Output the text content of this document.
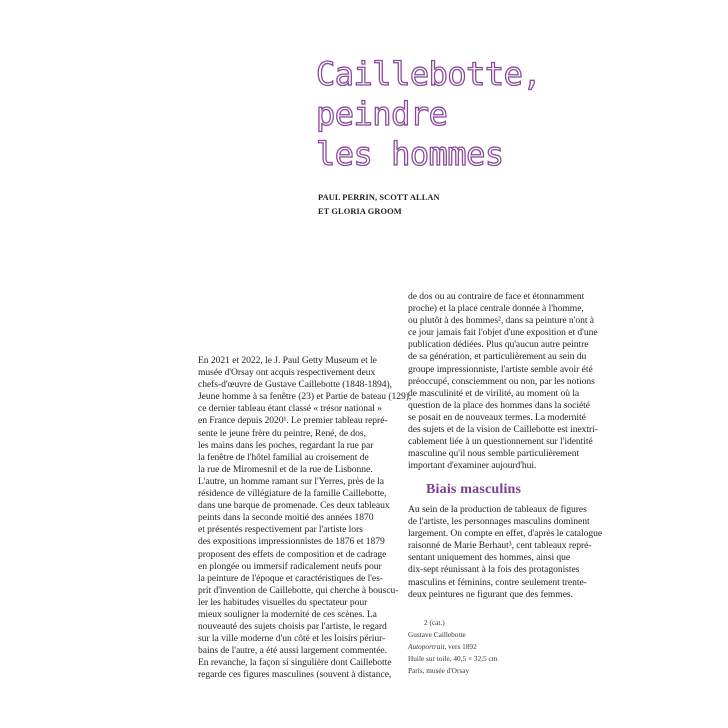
Caillebotte,
peindre
les hommes
PAUL PERRIN, SCOTT ALLAN
ET GLORIA GROOM
En 2021 et 2022, le J. Paul Getty Museum et le
musée d'Orsay ont acquis respectivement deux
chefs-d'œuvre de Gustave Caillebotte (1848-1894),
Jeune homme à sa fenêtre (23) et Partie de bateau (129),
ce dernier tableau étant classé « trésor national »
en France depuis 2020¹. Le premier tableau repré-
sente le jeune frère du peintre, René, de dos,
les mains dans les poches, regardant la rue par
la fenêtre de l'hôtel familial au croisement de
la rue de Miromesnil et de la rue de Lisbonne.
L'autre, un homme ramant sur l'Yerres, près de la
résidence de villégiature de la famille Caillebotte,
dans une barque de promenade. Ces deux tableaux
peints dans la seconde moitié des années 1870
et présentés respectivement par l'artiste lors
des expositions impressionnistes de 1876 et 1879
proposent des effets de composition et de cadrage
en plongée ou immersif radicalement neufs pour
la peinture de l'époque et caractéristiques de l'es-
prit d'invention de Caillebotte, qui cherche à bouscu-
ler les habitudes visuelles du spectateur pour
mieux souligner la modernité de ces scènes. La
nouveauté des sujets choisis par l'artiste, le regard
sur la ville moderne d'un côté et les loisirs périur-
bains de l'autre, a été aussi largement commentée.
En revanche, la façon si singulière dont Caillebotte
regarde ces figures masculines (souvent à distance,
de dos ou au contraire de face et étonnamment
proche) et la place centrale donnée à l'homme,
ou plutôt à des hommes², dans sa peinture n'ont à
ce jour jamais fait l'objet d'une exposition et d'une
publication dédiées. Plus qu'aucun autre peintre
de sa génération, et particulièrement au sein du
groupe impressionniste, l'artiste semble avoir été
préoccupé, consciemment ou non, par les notions
de masculinité et de virilité, au moment où la
question de la place des hommes dans la société
se posait en de nouveaux termes. La modernité
des sujets et de la vision de Caillebotte est inextri-
cablement liée à un questionnement sur l'identité
masculine qu'il nous semble particulièrement
important d'examiner aujourd'hui.
Biais masculins
Au sein de la production de tableaux de figures
de l'artiste, les personnages masculins dominent
largement. On compte en effet, d'après le catalogue
raisonné de Marie Berhaut³, cent tableaux repré-
sentant uniquement des hommes, ainsi que
dix-sept réunissant à la fois des protagonistes
masculins et féminins, contre seulement trente-
deux peintures ne figurant que des femmes.
2 (cat.)
Gustave Caillebotte
Autoportrait, vers 1892
Huile sur toile, 40,5 × 32,5 cm
Paris, musée d'Orsay
